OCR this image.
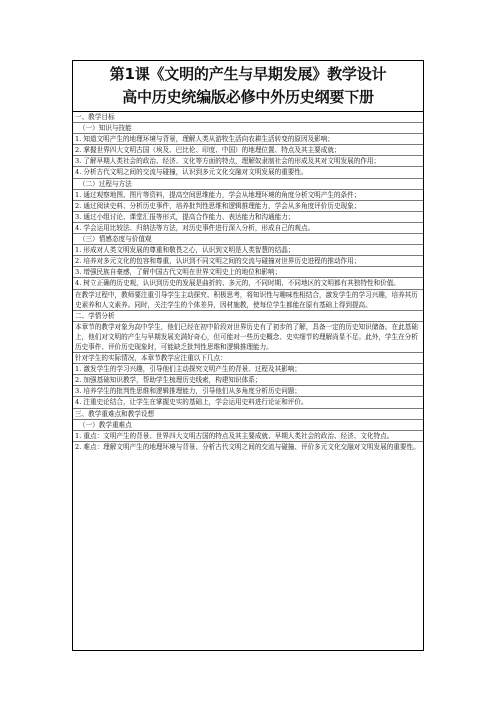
第1课《文明的产生与早期发展》教学设计
高中历史统编版必修中外历史纲要下册
一、教学目标
（一）知识与技能
1. 知道文明产生的地理环境与背景，理解人类从游牧生活向农耕生活转变的原因及影响；
2. 掌握世界四大文明古国（埃及、巴比伦、印度、中国）的地理位置、特点及其主要成就；
3. 了解早期人类社会的政治、经济、文化等方面的特点，理解奴隶制社会的形成及其对文明发展的作用；
4. 分析古代文明之间的交流与碰撞，认识到多元文化交融对文明发展的重要性。
（二）过程与方法
1. 通过观察地图、图片等资料，提高空间思维能力，学会从地理环境的角度分析文明产生的条件；
2. 通过阅读史料、分析历史事件，培养批判性思维和逻辑推理能力，学会从多角度评价历史现象；
3. 通过小组讨论、课堂汇报等形式，提高合作能力、表达能力和沟通能力；
4. 学会运用比较法、归纳法等方法，对历史事件进行深入分析，形成自己的观点。
（三）情感态度与价值观
1. 形成对人类文明发展的尊重和敬畏之心，认识到文明是人类智慧的结晶；
2. 培养对多元文化的包容和尊重，认识到不同文明之间的交流与碰撞对世界历史进程的推动作用；
3. 增强民族自豪感，了解中国古代文明在世界文明史上的地位和影响；
4. 树立正确的历史观，认识到历史的发展是曲折的、多元的，不同时期、不同地区的文明都有其独特性和价值。
在教学过程中，教师要注重引导学生主动探究、积极思考，将知识性与趣味性相结合，激发学生的学习兴趣，培养其历史素养和人文素养。同时，关注学生的个体差异，因材施教，使每位学生都能在原有基础上得到提高。
二、学情分析
本章节的教学对象为高中学生，他们已经在初中阶段对世界历史有了初步的了解，具备一定的历史知识储备。在此基础上，他们对文明的产生与早期发展充满好奇心，但可能对一些历史概念、史实细节的理解尚显不足。此外，学生在分析历史事件、评价历史现象时，可能缺乏批判性思维和逻辑推理能力。
针对学生的实际情况，本章节教学应注重以下几点：
1. 激发学生的学习兴趣，引导他们主动探究文明产生的背景、过程及其影响；
2. 加强基础知识教学，帮助学生梳理历史线索，构建知识体系；
3. 培养学生的批判性思维和逻辑推理能力，引导他们从多角度分析历史问题；
4. 注重史论结合，让学生在掌握史实的基础上，学会运用史料进行论证和评价。
三、教学重难点和教学设想
（一）教学重难点
1. 重点：文明产生的背景、世界四大文明古国的特点及其主要成就、早期人类社会的政治、经济、文化特点。
2. 难点：理解文明产生的地理环境与背景、分析古代文明之间的交流与碰撞、评价多元文化交融对文明发展的重要性。
